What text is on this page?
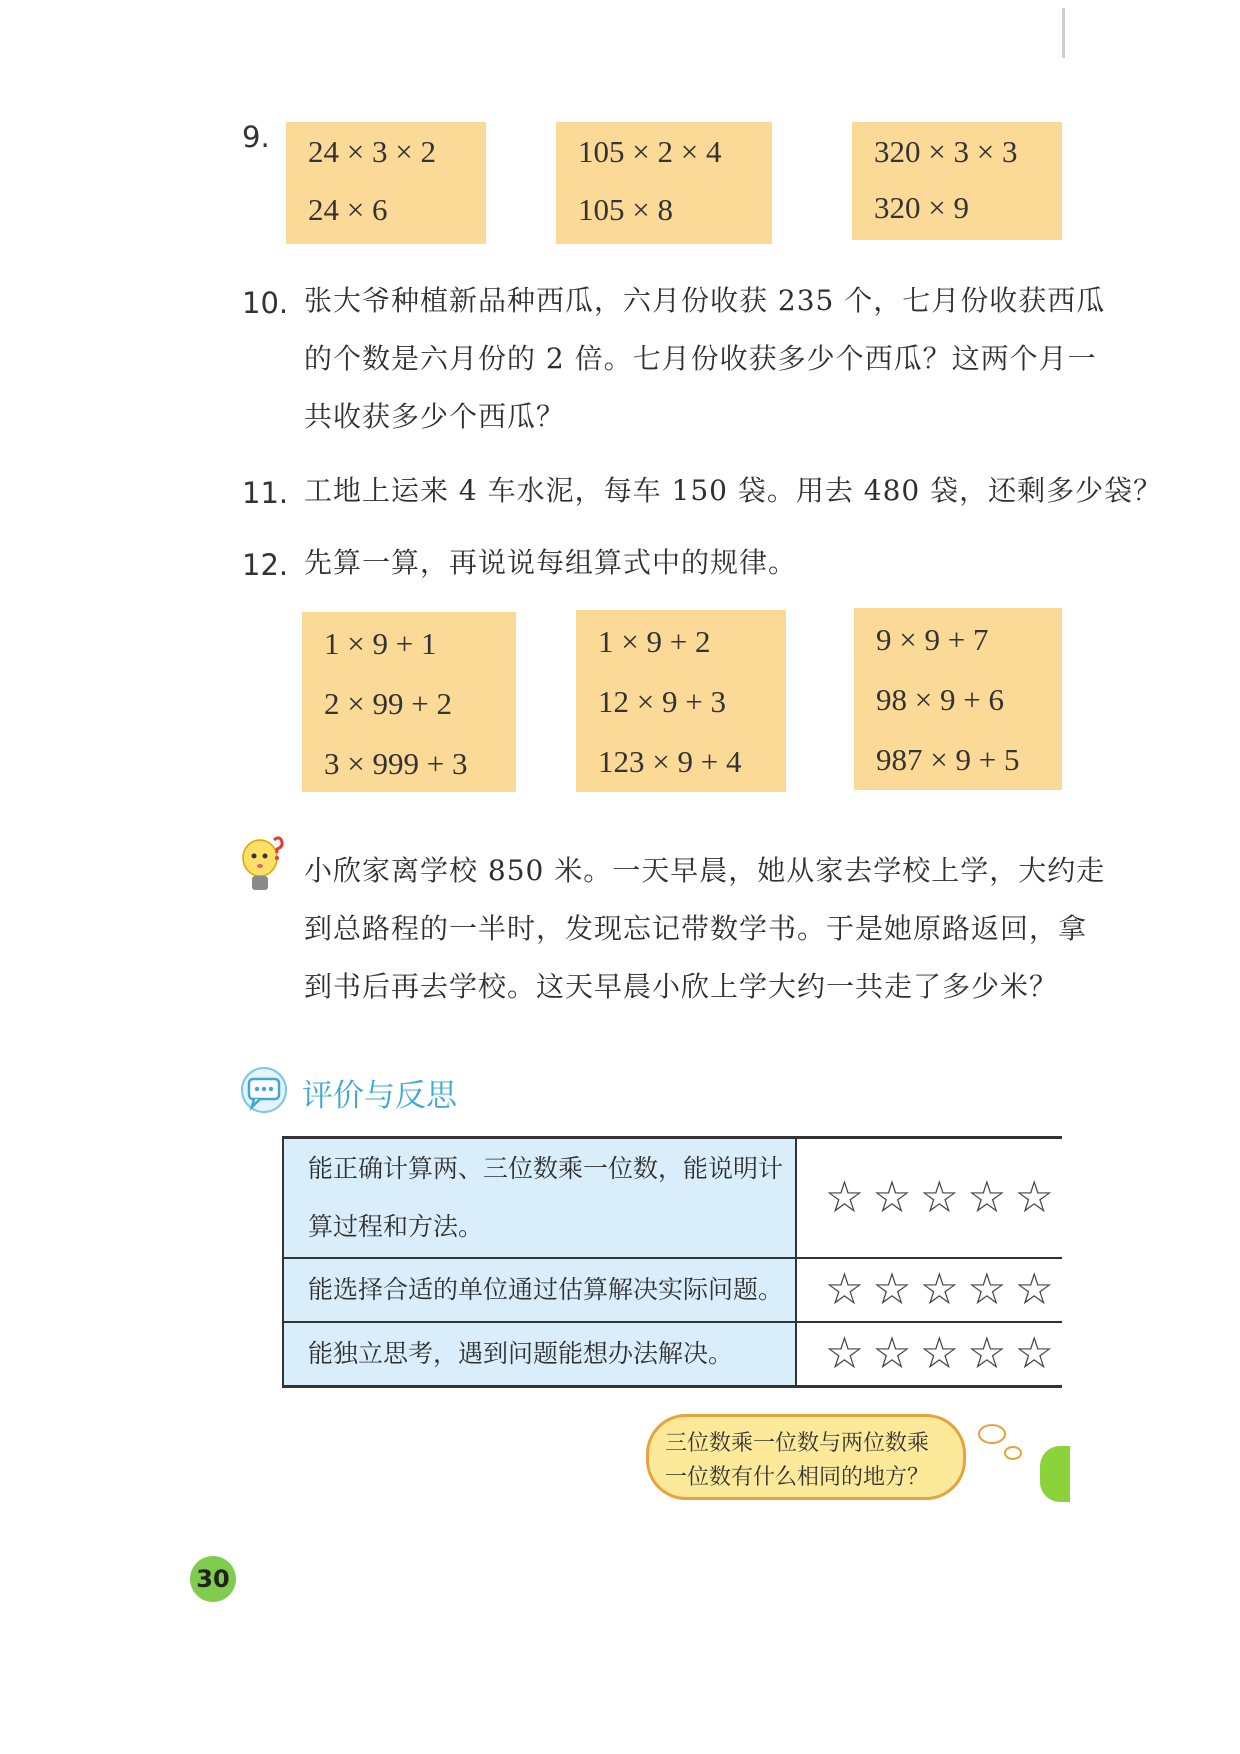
9.	24 × 3 × 2
24 × 6
105 × 2 × 4
105 × 8
320 × 3 × 3
320 × 9
10. 张大爷种植新品种西瓜，六月份收获 235 个，七月份收获西瓜
的个数是六月份的 2 倍。七月份收获多少个西瓜？这两个月一
共收获多少个西瓜？
11. 工地上运来 4 车水泥，每车 150 袋。用去 480 袋，还剩多少袋？
12. 先算一算，再说说每组算式中的规律。
1 × 9 + 1
2 × 99 + 2
3 × 999 + 3
1 × 9 + 2
12 × 9 + 3
123 × 9 + 4
9 × 9 + 7
98 × 9 + 6
987 × 9 + 5
小欣家离学校 850 米。一天早晨，她从家去学校上学，大约走
到总路程的一半时，发现忘记带数学书。于是她原路返回，拿
到书后再去学校。这天早晨小欣上学大约一共走了多少米？
评价与反思
能正确计算两、三位数乘一位数，能说明计
算过程和方法。	☆ ☆ ☆ ☆ ☆

能选择合适的单位通过估算解决实际问题。	☆ ☆ ☆ ☆ ☆

能独立思考，遇到问题能想办法解决。	☆ ☆ ☆ ☆ ☆
三位数乘一位数与两位数乘
一位数有什么相同的地方？
30
